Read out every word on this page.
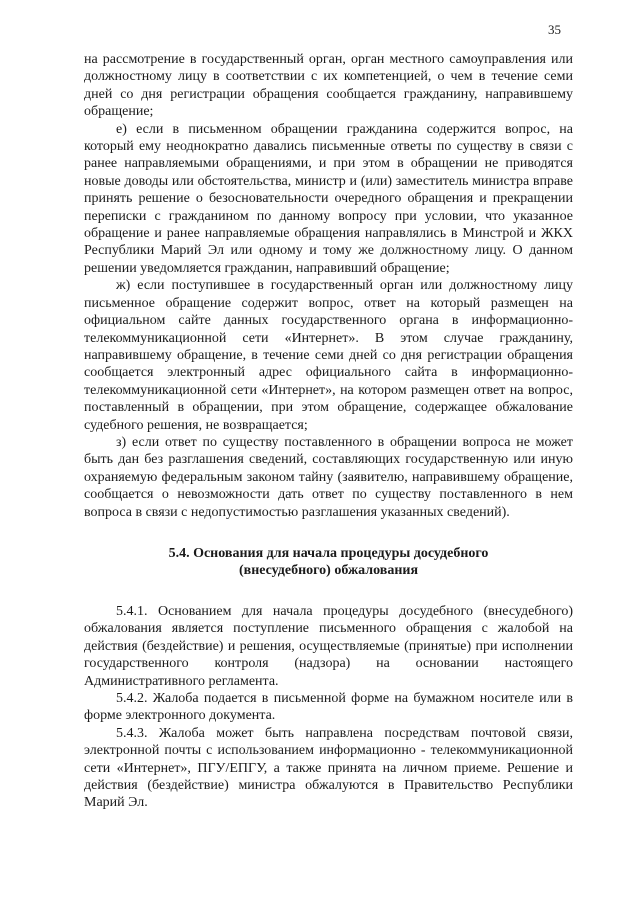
35

на рассмотрение в государственный орган, орган местного самоуправления или должностному лицу в соответствии с их компетенцией, о чем в течение семи дней со дня регистрации обращения сообщается гражданину, направившему обращение;

е) если в письменном обращении гражданина содержится вопрос, на который ему неоднократно давались письменные ответы по существу в связи с ранее направляемыми обращениями, и при этом в обращении не приводятся новые доводы или обстоятельства, министр и (или) заместитель министра вправе принять решение о безосновательности очередного обращения и прекращении переписки с гражданином по данному вопросу при условии, что указанное обращение и ранее направляемые обращения направлялись в Минстрой и ЖКХ Республики Марий Эл или одному и тому же должностному лицу. О данном решении уведомляется гражданин, направивший обращение;

ж) если поступившее в государственный орган или должностному лицу письменное обращение содержит вопрос, ответ на который размещен на официальном сайте данных государственного органа в информационно-телекоммуникационной сети «Интернет». В этом случае гражданину, направившему обращение, в течение семи дней со дня регистрации обращения сообщается электронный адрес официального сайта в информационно-телекоммуникационной сети «Интернет», на котором размещен ответ на вопрос, поставленный в обращении, при этом обращение, содержащее обжалование судебного решения, не возвращается;

з) если ответ по существу поставленного в обращении вопроса не может быть дан без разглашения сведений, составляющих государственную или иную охраняемую федеральным законом тайну (заявителю, направившему обращение, сообщается о невозможности дать ответ по существу поставленного в нем вопроса в связи с недопустимостью разглашения указанных сведений).

5.4. Основания для начала процедуры досудебного
(внесудебного) обжалования

5.4.1. Основанием для начала процедуры досудебного (внесудебного) обжалования является поступление письменного обращения с жалобой на действия (бездействие) и решения, осуществляемые (принятые) при исполнении государственного контроля (надзора) на основании настоящего Административного регламента.

5.4.2. Жалоба подается в письменной форме на бумажном носителе или в форме электронного документа.

5.4.3. Жалоба может быть направлена посредствам почтовой связи, электронной почты с использованием информационно - телекоммуникационной сети «Интернет», ПГУ/ЕПГУ, а также принята на личном приеме. Решение и действия (бездействие) министра обжалуются в Правительство Республики Марий Эл.
